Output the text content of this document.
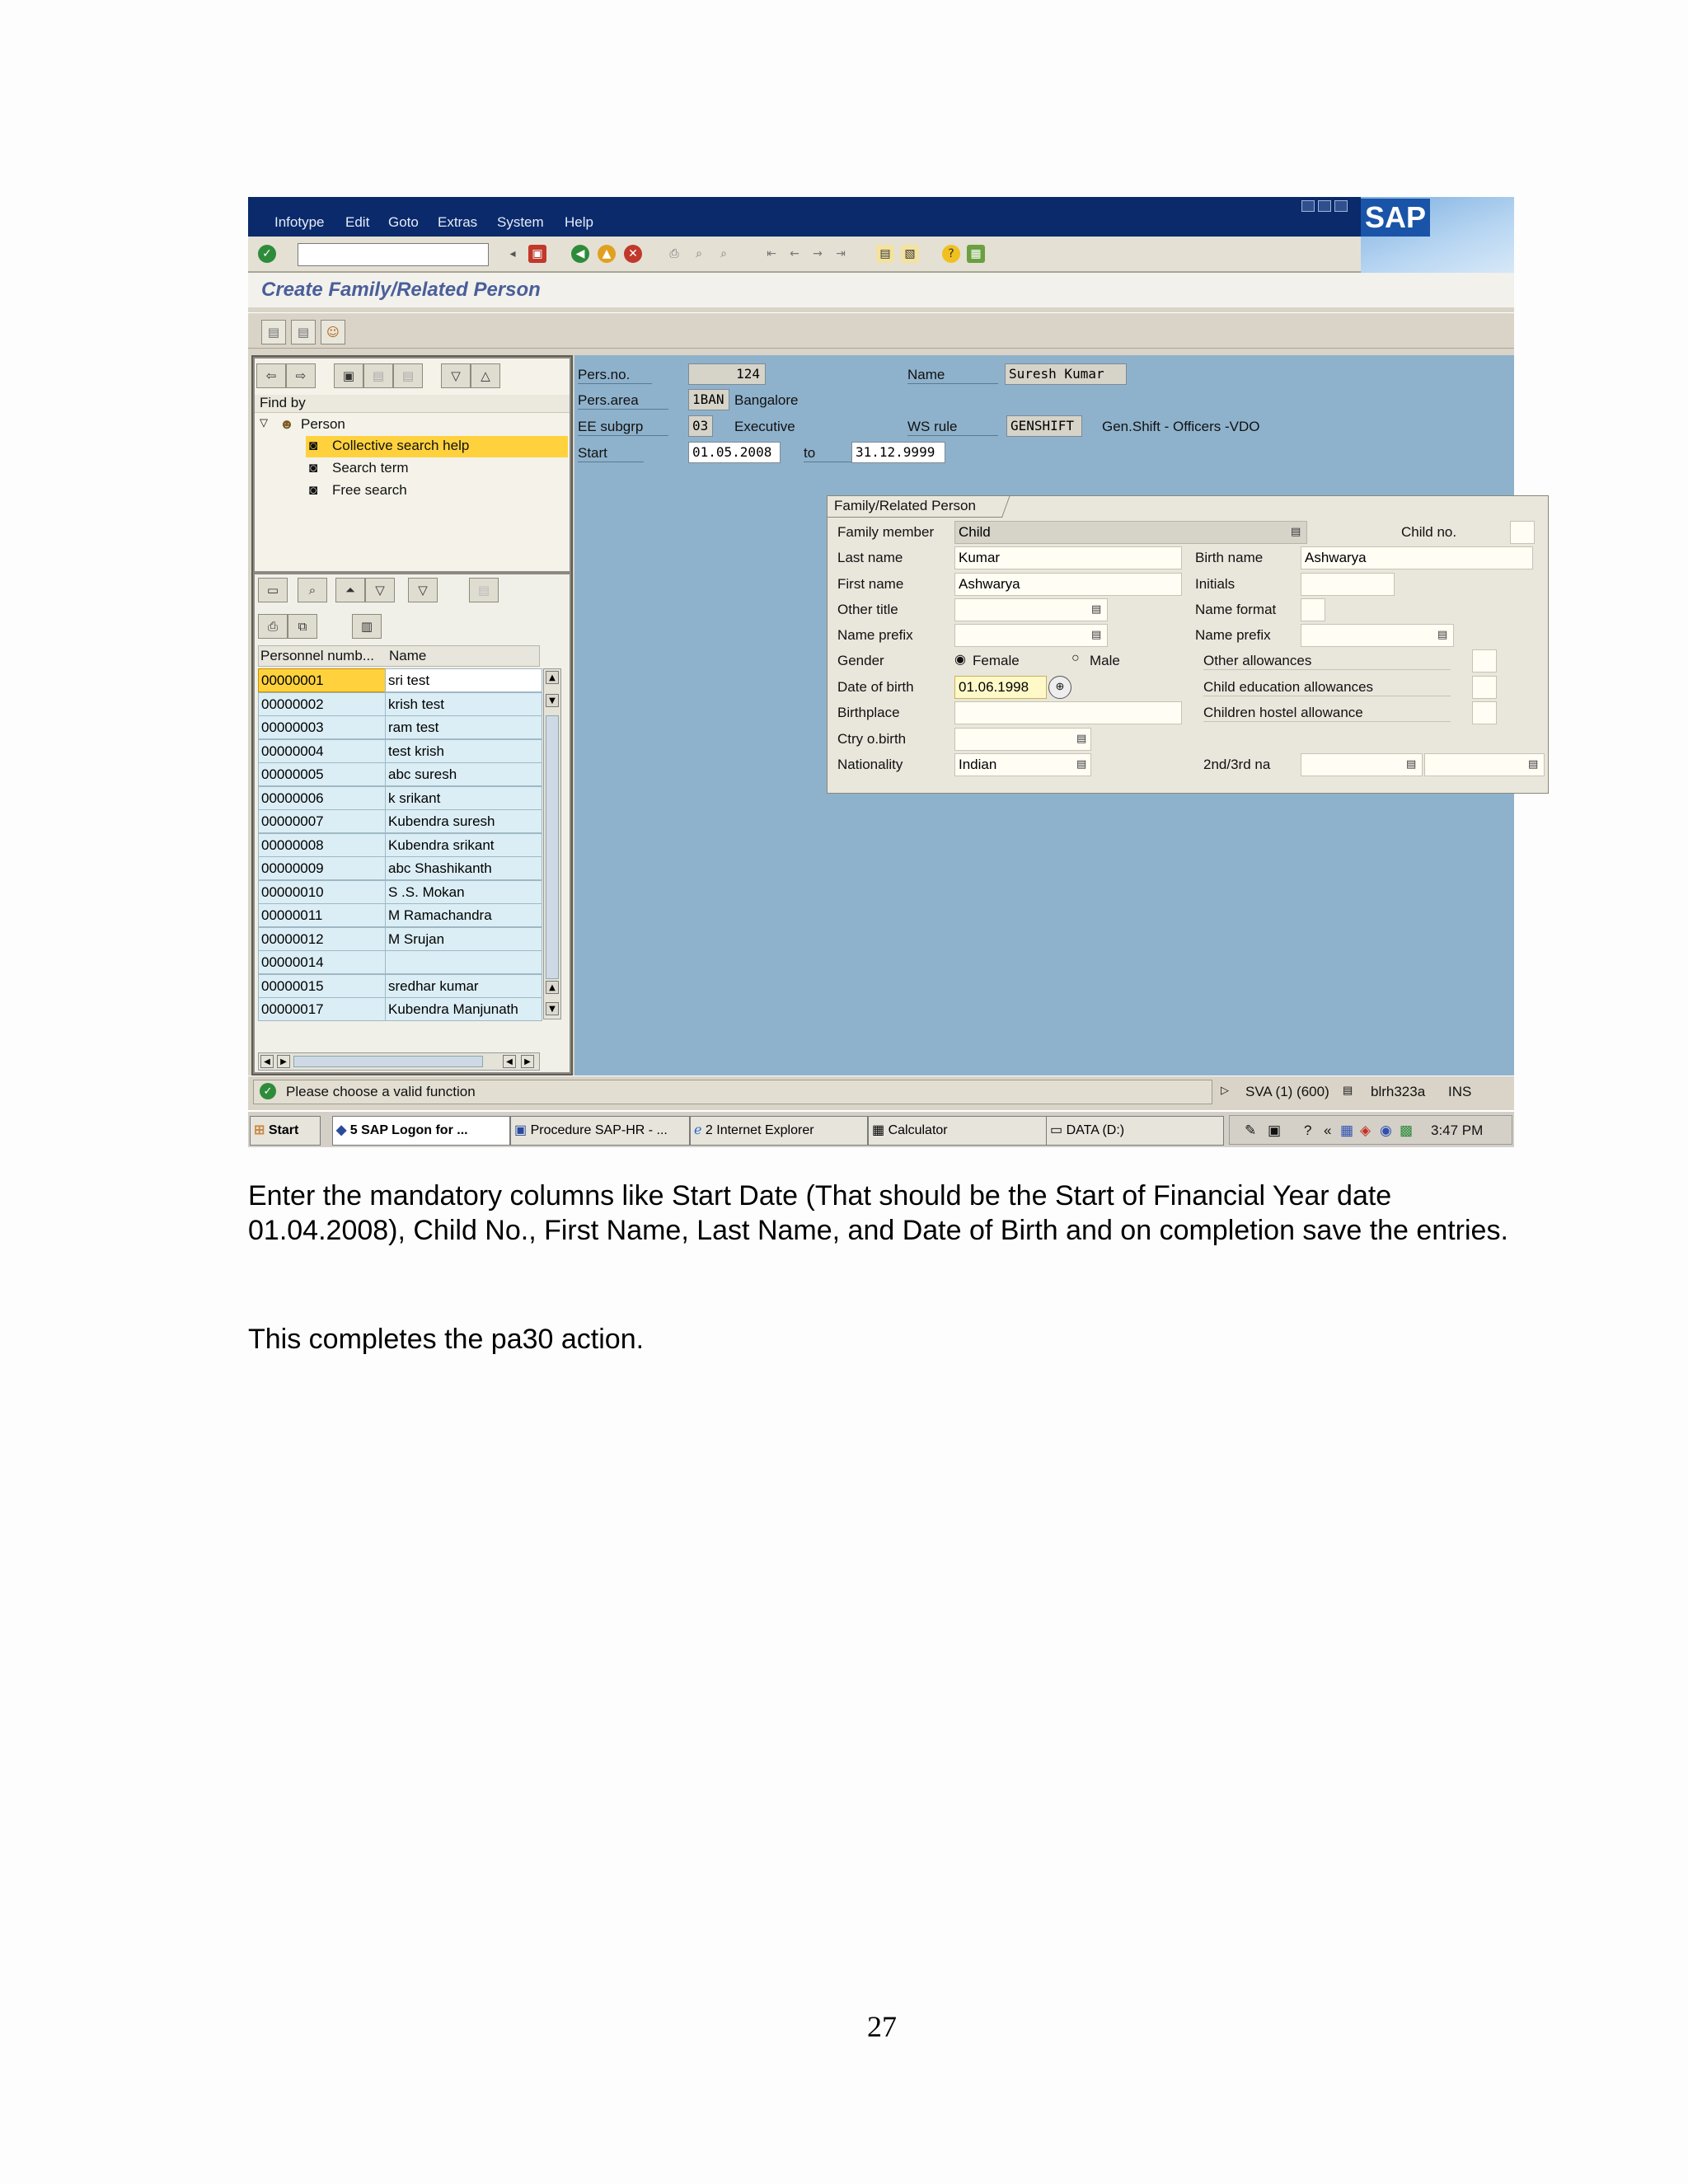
Infotype Edit Goto Extras System Help	SAP
✓	◂	▣	◀	▲	✕	⎙	⌕	⌕	⇤	←	→	⇥	▤	▧	?	▦
Create Family/Related Person
▤	▤	☺
⇦	⇨	▣	▤	▤	▽	△
Find by
▽ ☻ Person
◙ Collective search help
◙ Search term
◙ Free search
▭	⌕	⏶	▽	▽	▤
⎙	⧉	▥
Personnel numb... Name
00000001	sri test
00000002	krish test
00000003	ram test
00000004	test krish
00000005	abc suresh
00000006	k srikant
00000007	Kubendra suresh
00000008	Kubendra srikant
00000009	abc Shashikanth
00000010	S .S. Mokan
00000011	M Ramachandra
00000012	M Srujan
00000014
00000015	sredhar kumar
00000017	Kubendra Manjunath
▲
▼
▲
▼
◀	▶	◀	▶
Pers.no.	124	Name	Suresh Kumar
Pers.area	1BAN Bangalore
EE subgrp	03	Executive	WS rule	GENSHIFT	Gen.Shift - Officers -VDO
Start	01.05.2008	to	31.12.9999
Family/Related Person
Family member Child	▤	Child no.
Last name	Kumar	Birth name	Ashwarya
First name	Ashwarya	Initials
Other title	▤	Name format
Name prefix	▤	Name prefix	▤
Gender	◉ Female	○ Male	Other allowances
Date of birth	01.06.1998	⊕	Child education allowances
Birthplace	Children hostel allowance
Ctry o.birth	▤
Nationality	Indian	▤	2nd/3rd na	▤	▤
✓ Please choose a valid function	▷ SVA (1) (600) ▤ blrh323a INS
⊞ Start	◆ 5 SAP Logon for ...	▣ Procedure SAP-HR - ...	ℯ 2 Internet Explorer	▦ Calculator	▭ DATA (D:)	✎ ▣ ? « ▦ ◈ ◉ ▩ 3:47 PM
Enter the mandatory columns like Start Date (That should be the Start of Financial Year date 01.04.2008), Child No., First Name, Last Name, and Date of Birth and on completion save the entries.
This completes the pa30 action.
27
